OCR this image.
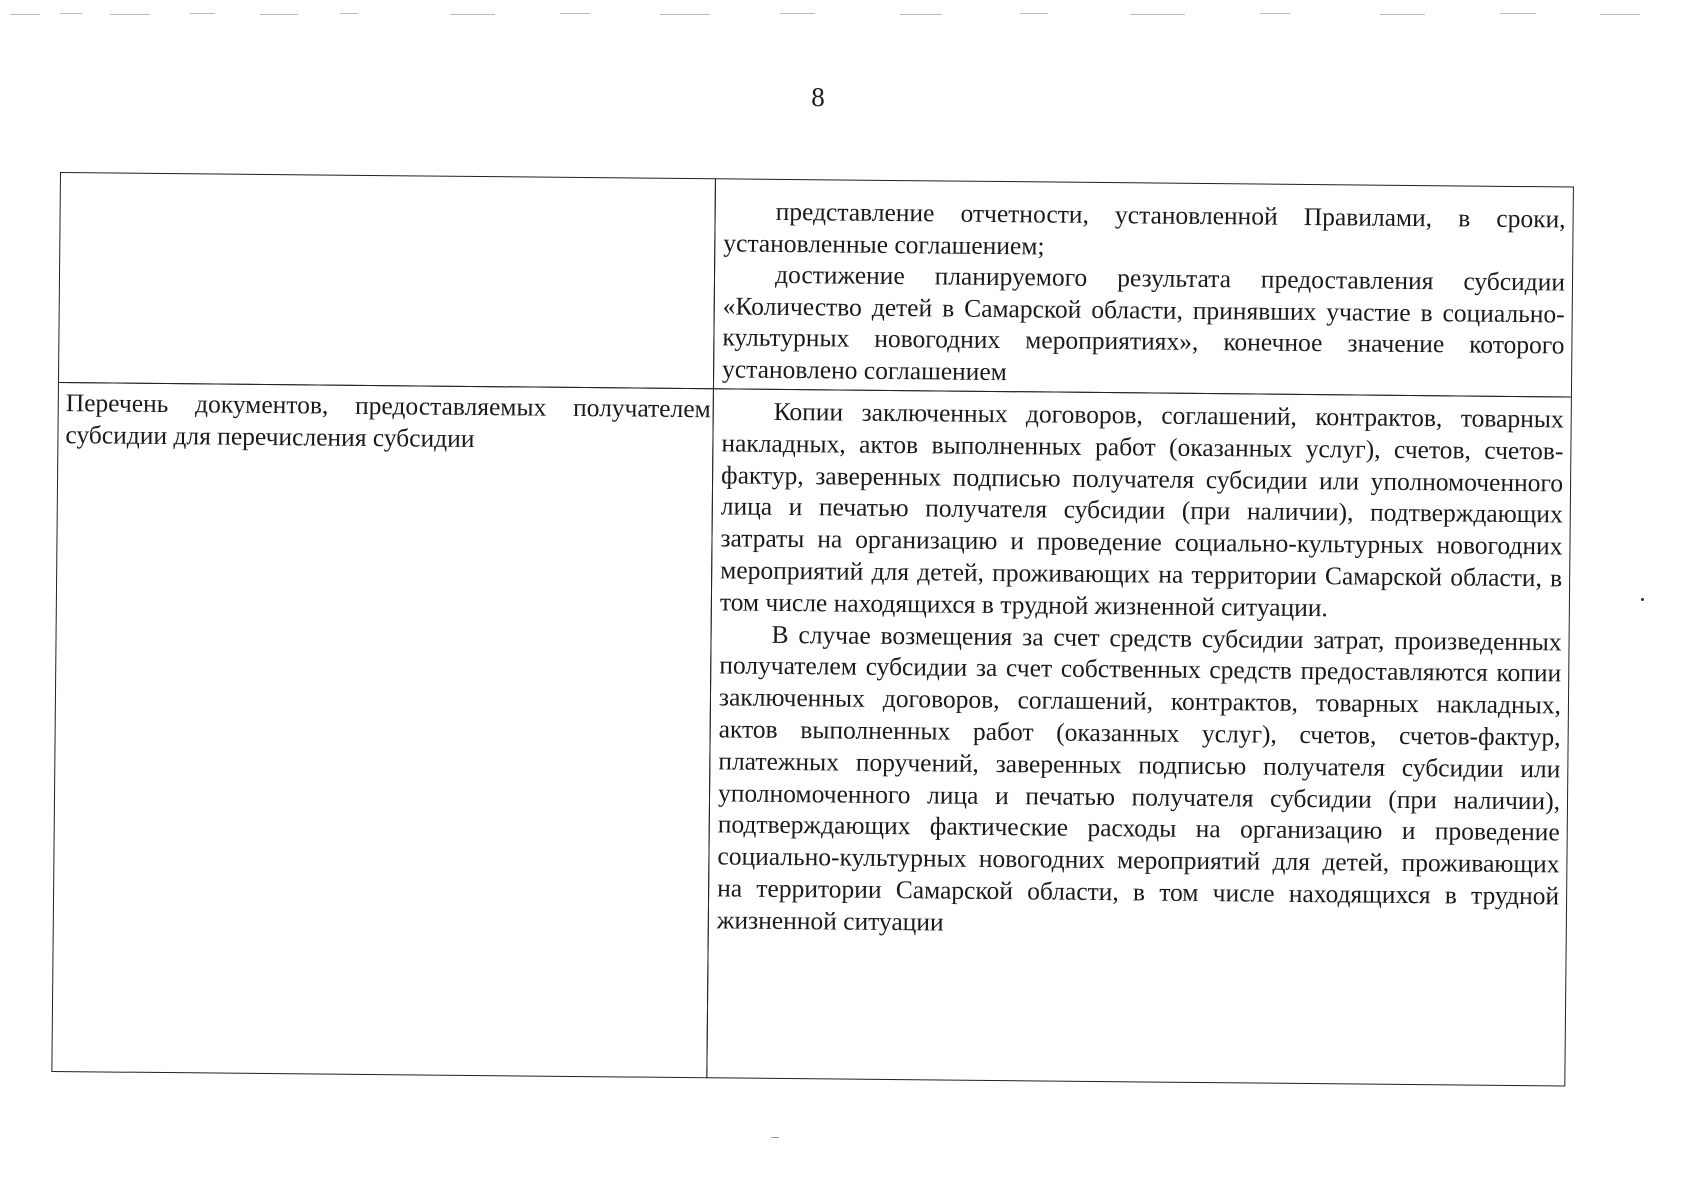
8

представление отчетности, установленной Правилами, в сроки, установленные соглашением;

достижение планируемого результата предоставления субсидии «Количество детей в Самарской области, принявших участие в социально-культурных новогодних мероприятиях», конечное значение которого установлено соглашением

Перечень документов, предоставляемых получателем субсидии для перечисления субсидии

Копии заключенных договоров, соглашений, контрактов, товарных накладных, актов выполненных работ (оказанных услуг), счетов, счетов-фактур, заверенных подписью получателя субсидии или уполномоченного лица и печатью получателя субсидии (при наличии), подтверждающих затраты на организацию и проведение социально-культурных новогодних мероприятий для детей, проживающих на территории Самарской области, в том числе находящихся в трудной жизненной ситуации.

В случае возмещения за счет средств субсидии затрат, произведенных получателем субсидии за счет собственных средств предоставляются копии заключенных договоров, соглашений, контрактов, товарных накладных, актов выполненных работ (оказанных услуг), счетов, счетов-фактур, платежных поручений, заверенных подписью получателя субсидии или уполномоченного лица и печатью получателя субсидии (при наличии), подтверждающих фактические расходы на организацию и проведение социально-культурных новогодних мероприятий для детей, проживающих на территории Самарской области, в том числе находящихся в трудной жизненной ситуации
